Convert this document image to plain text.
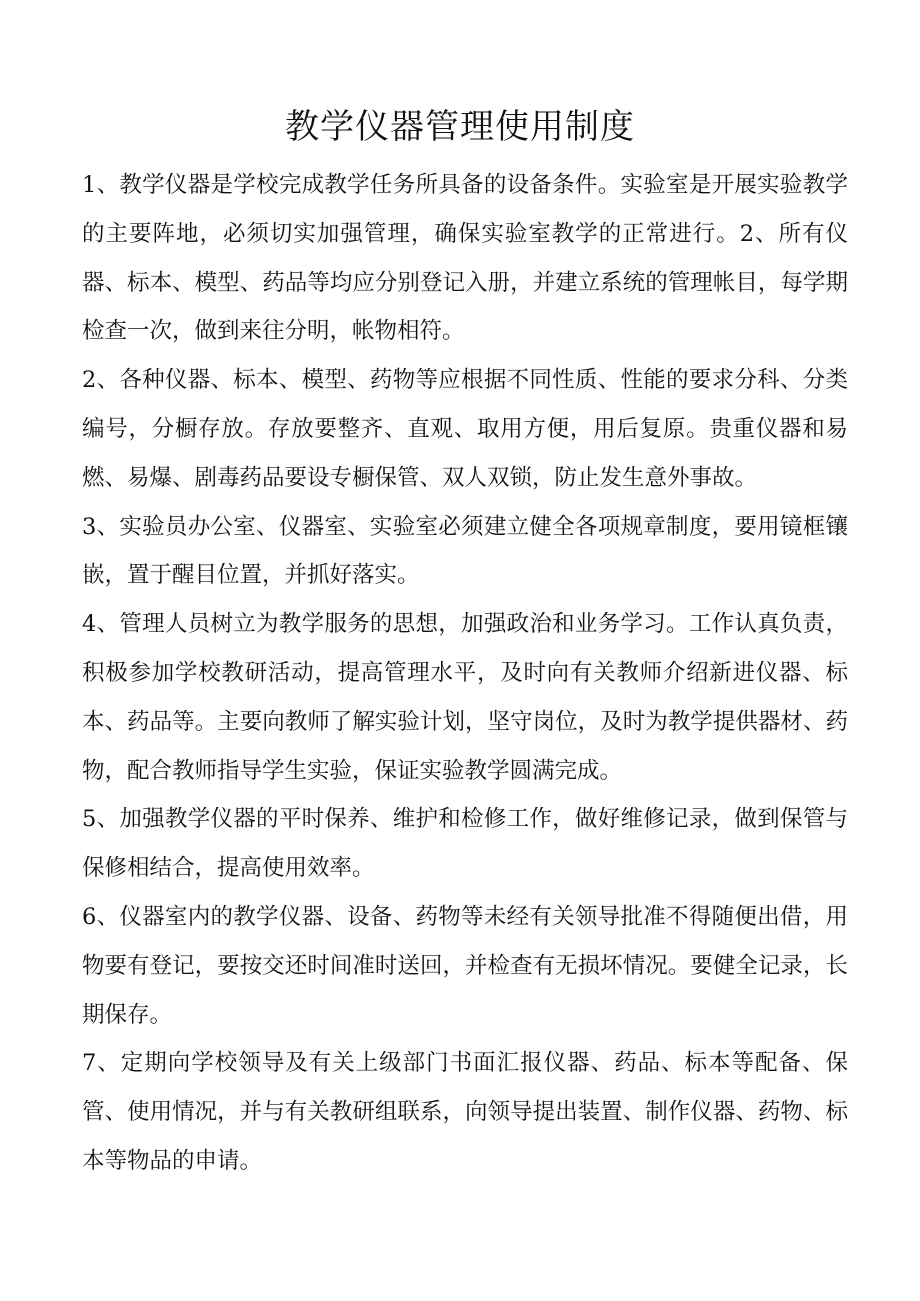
教学仪器管理使用制度

1、教学仪器是学校完成教学任务所具备的设备条件。实验室是开展实验教学的主要阵地，必须切实加强管理，确保实验室教学的正常进行。2、所有仪器、标本、模型、药品等均应分别登记入册，并建立系统的管理帐目，每学期检查一次，做到来往分明，帐物相符。

2、各种仪器、标本、模型、药物等应根据不同性质、性能的要求分科、分类编号，分橱存放。存放要整齐、直观、取用方便，用后复原。贵重仪器和易燃、易爆、剧毒药品要设专橱保管、双人双锁，防止发生意外事故。

3、实验员办公室、仪器室、实验室必须建立健全各项规章制度，要用镜框镶嵌，置于醒目位置，并抓好落实。

4、管理人员树立为教学服务的思想，加强政治和业务学习。工作认真负责，积极参加学校教研活动，提高管理水平，及时向有关教师介绍新进仪器、标本、药品等。主要向教师了解实验计划，坚守岗位，及时为教学提供器材、药物，配合教师指导学生实验，保证实验教学圆满完成。

5、加强教学仪器的平时保养、维护和检修工作，做好维修记录，做到保管与保修相结合，提高使用效率。

6、仪器室内的教学仪器、设备、药物等未经有关领导批准不得随便出借，用物要有登记，要按交还时间准时送回，并检查有无损坏情况。要健全记录，长期保存。

7、定期向学校领导及有关上级部门书面汇报仪器、药品、标本等配备、保管、使用情况，并与有关教研组联系，向领导提出装置、制作仪器、药物、标本等物品的申请。
